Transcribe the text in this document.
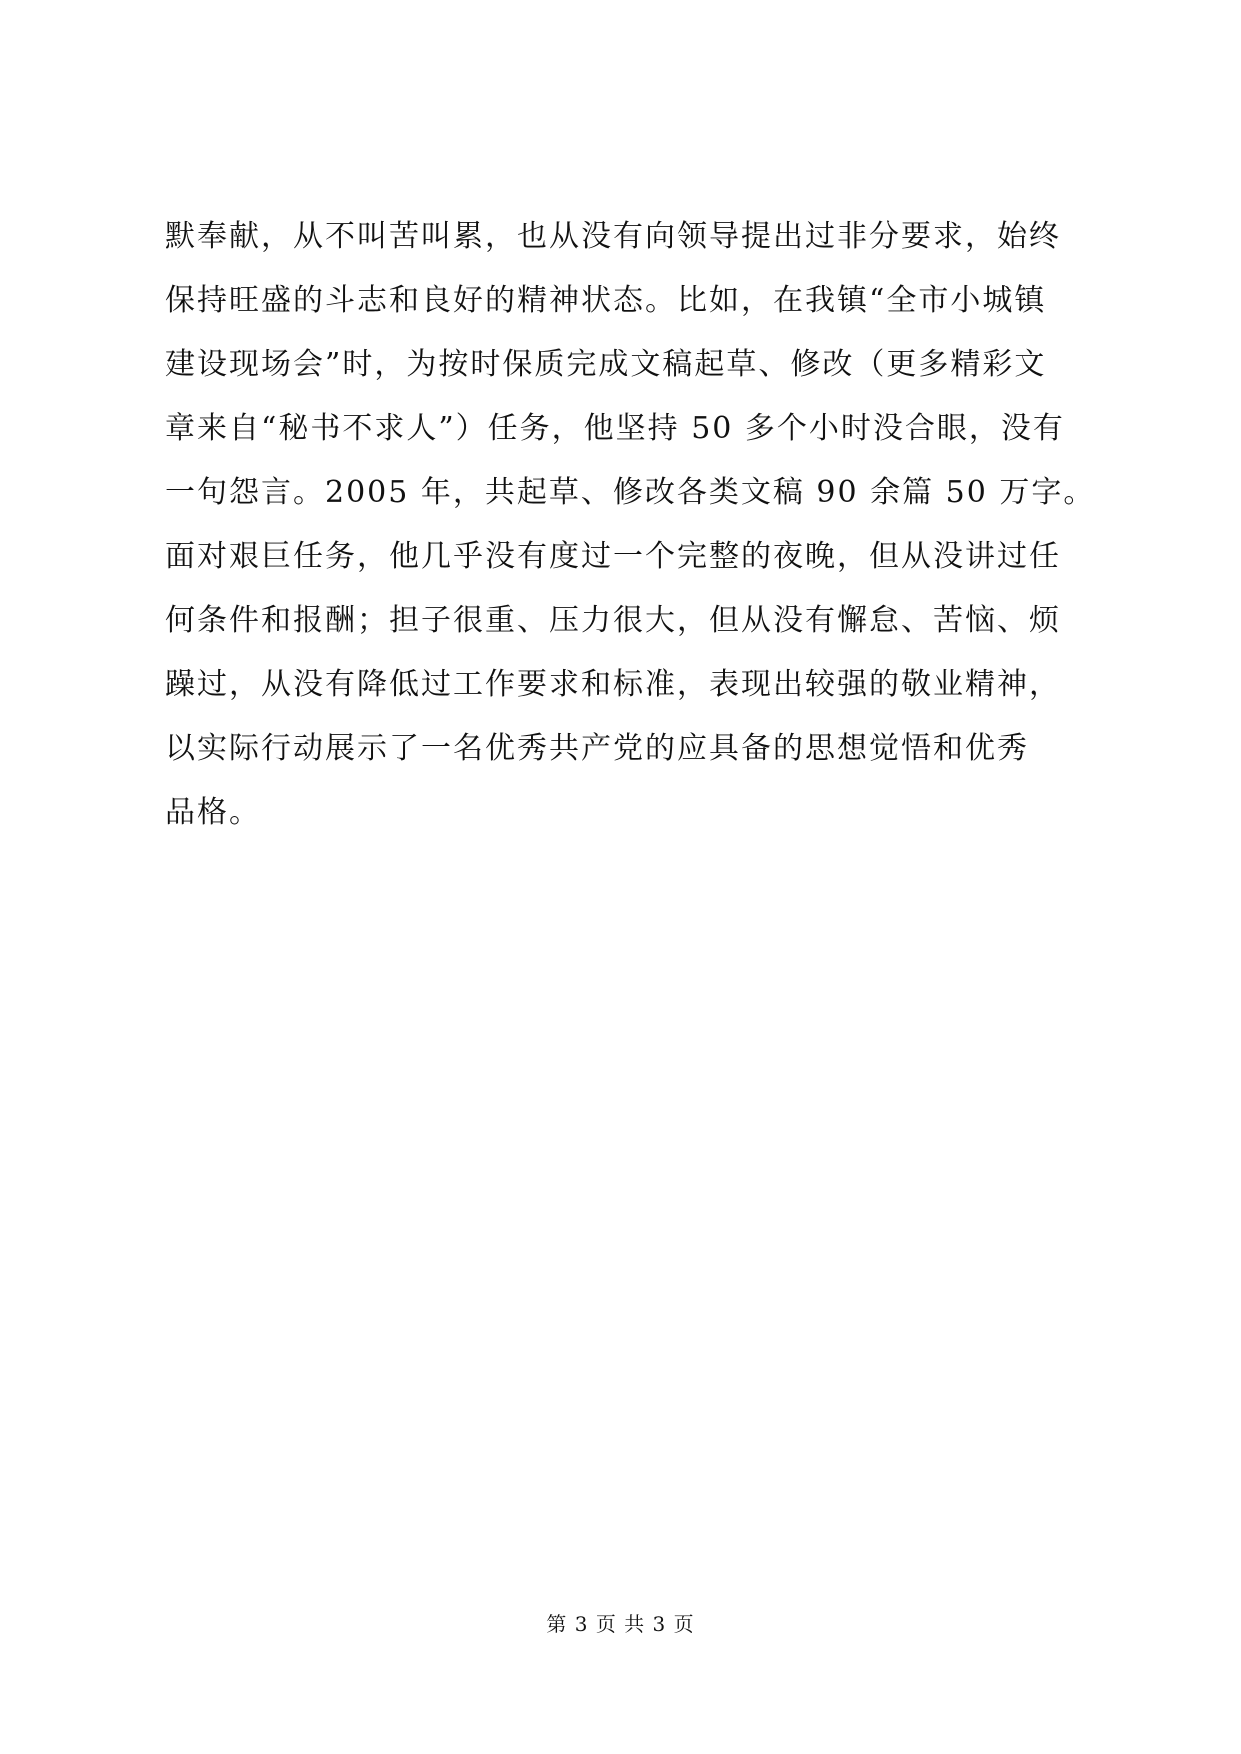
默奉献，从不叫苦叫累，也从没有向领导提出过非分要求，始终
保持旺盛的斗志和良好的精神状态。比如，在我镇“全市小城镇
建设现场会”时，为按时保质完成文稿起草、修改（更多精彩文
章来自“秘书不求人”）任务，他坚持 50 多个小时没合眼，没有
一句怨言。2005 年，共起草、修改各类文稿 90 余篇 50 万字。
面对艰巨任务，他几乎没有度过一个完整的夜晚，但从没讲过任
何条件和报酬；担子很重、压力很大，但从没有懈怠、苦恼、烦
躁过，从没有降低过工作要求和标准，表现出较强的敬业精神，
以实际行动展示了一名优秀共产党的应具备的思想觉悟和优秀
品格。
第 3 页 共 3 页
